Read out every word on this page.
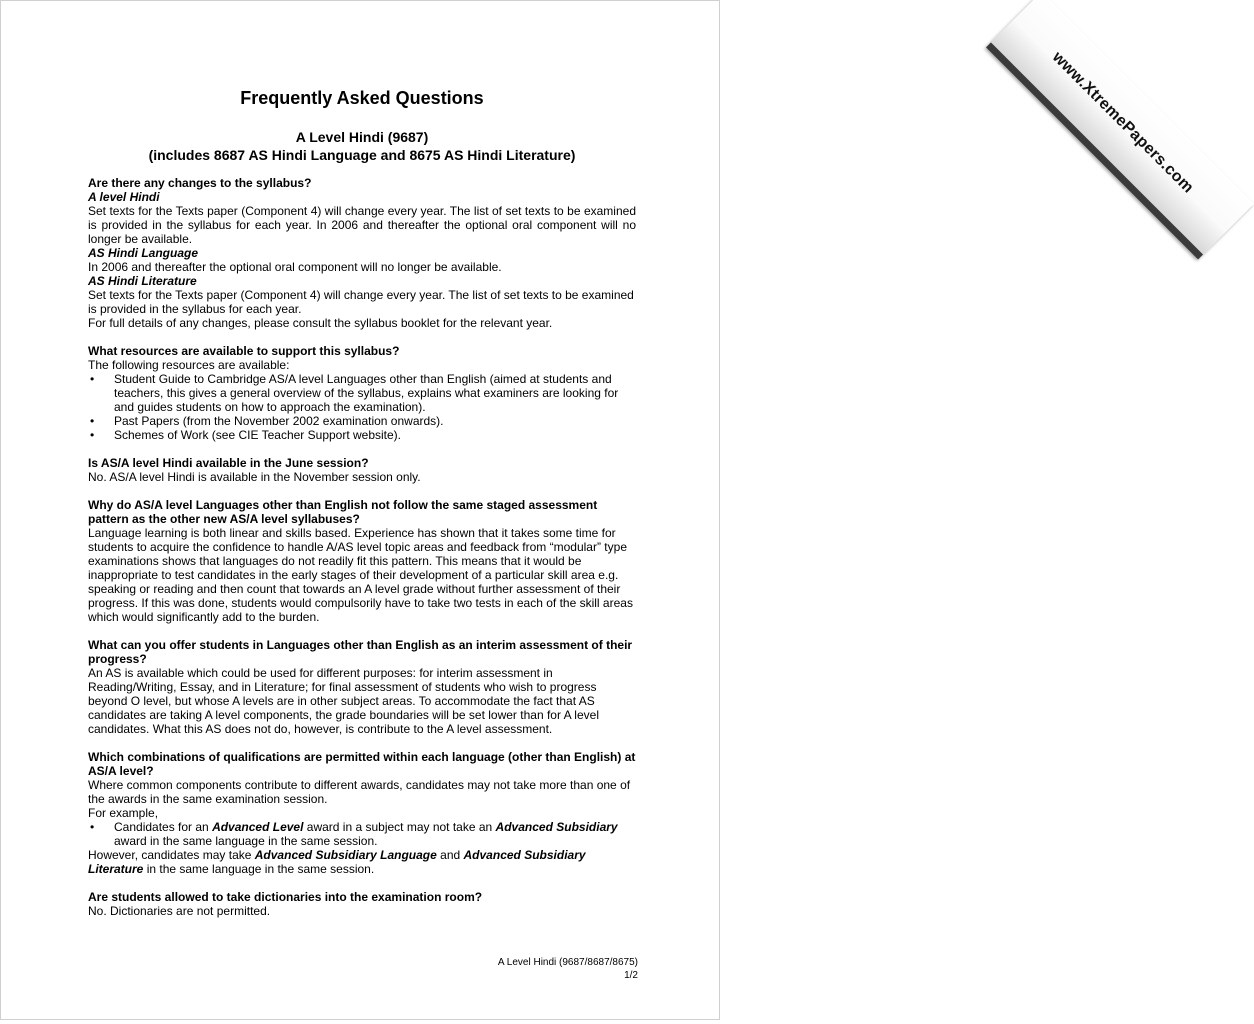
www.XtremePapers.com
Frequently Asked Questions
A Level Hindi (9687)
(includes 8687 AS Hindi Language and 8675 AS Hindi Literature)

Are there any changes to the syllabus?

A level Hindi

Set texts for the Texts paper (Component 4) will change every year. The list of set texts to be examined is provided in the syllabus for each year. In 2006 and thereafter the optional oral component will no longer be available.

AS Hindi Language

In 2006 and thereafter the optional oral component will no longer be available.

AS Hindi Literature

Set texts for the Texts paper (Component 4) will change every year. The list of set texts to be examined is provided in the syllabus for each year.

For full details of any changes, please consult the syllabus booklet for the relevant year.

What resources are available to support this syllabus?

The following resources are available:

• Student Guide to Cambridge AS/A level Languages other than English (aimed at students and teachers, this gives a general overview of the syllabus, explains what examiners are looking for and guides students on how to approach the examination).
• Past Papers (from the November 2002 examination onwards).
• Schemes of Work (see CIE Teacher Support website).

Is AS/A level Hindi available in the June session?

No. AS/A level Hindi is available in the November session only.

Why do AS/A level Languages other than English not follow the same staged assessment pattern as the other new AS/A level syllabuses?

Language learning is both linear and skills based. Experience has shown that it takes some time for students to acquire the confidence to handle A/AS level topic areas and feedback from “modular” type examinations shows that languages do not readily fit this pattern. This means that it would be inappropriate to test candidates in the early stages of their development of a particular skill area e.g. speaking or reading and then count that towards an A level grade without further assessment of their progress. If this was done, students would compulsorily have to take two tests in each of the skill areas which would significantly add to the burden.

What can you offer students in Languages other than English as an interim assessment of their progress?

An AS is available which could be used for different purposes: for interim assessment in Reading/Writing, Essay, and in Literature; for final assessment of students who wish to progress beyond O level, but whose A levels are in other subject areas. To accommodate the fact that AS candidates are taking A level components, the grade boundaries will be set lower than for A level candidates. What this AS does not do, however, is contribute to the A level assessment.

Which combinations of qualifications are permitted within each language (other than English) at AS/A level?

Where common components contribute to different awards, candidates may not take more than one of the awards in the same examination session.

For example,

• Candidates for an Advanced Level award in a subject may not take an Advanced Subsidiary award in the same language in the same session.

However, candidates may take Advanced Subsidiary Language and Advanced Subsidiary Literature in the same language in the same session.

Are students allowed to take dictionaries into the examination room?

No. Dictionaries are not permitted.

A Level Hindi (9687/8687/8675)
1/2
